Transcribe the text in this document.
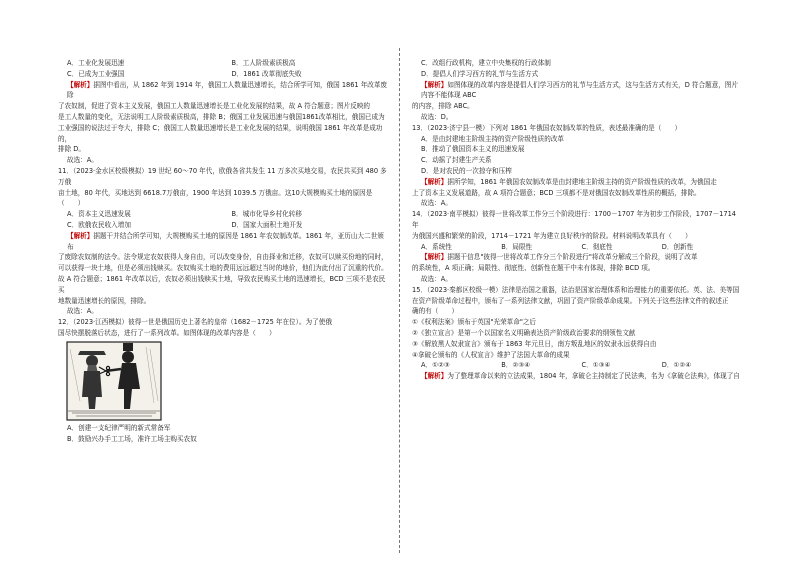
A．工业化发展迅速	B．工人阶级素质极高
C．已成为工业强国	D．1861 改革彻底失败

【解析】据图中看出，从 1862 年到 1914 年，俄国工人数量迅速增长，结合所学可知，俄国 1861 年改革废除

了农奴制，促进了资本主义发展，俄国工人数量迅速增长是工业化发展的结果，故 A 符合题意；图片反映的

是工人数量的变化，无法说明工人阶级素质极高，排除 B；俄国工业发展迅速与俄国1861改革相比，俄国已成为

工业强国的说法过于夸大，排除 C；俄国工人数量迅速增长是工业化发展的结果，说明俄国 1861 年改革是成功的，

排除 D。

故选：A。

11．（2023·金水区校级模拟）19 世纪 60～70 年代，欧俄各省共发生 11 万多次买地交易，农民共买到 480 多万俄

亩土地，80 年代，买地达到 6618.7万俄亩，1900 年达到 1039.5 万俄亩。这10大规模购买土地的原因是（　　）

A．资本主义迅速发展	B．城市化导乡村化转移
C．欧俄农民收入增加	D．国家大面积土地开发

【解析】据题干并结合所学可知，大规模购买土地的原因是 1861 年农奴制改革。1861 年，亚历山大二世颁布

了废除农奴制的法令。法令规定农奴获得人身自由，可以改变身份，自由择业和迁移，农奴可以赎买份地的同时，

可以获得一块土地，但是必须出钱赎买。农奴购买土地的费用远远超过当时的地价，他们为此付出了沉重的代价。

故 A 符合题意；1861 年改革以后，农奴必须出钱赎买土地，导致农民购买土地的迅速增长，BCD 三项不是农民买

地数量迅速增长的原因，排除。

故选：A。

12．（2023·江西模拟）彼得一世是俄国历史上著名的皇帝（1682－1725 年在位）。为了使俄

国尽快摆脱落后状态，进行了一系列改革。如图体现的改革内容是（　　）

A．创建一支纪律严明的新式常备军

B．鼓励兴办手工工场，准许工场主购买农奴

C．改组行政机构，建立中央集权的行政体制

D．提倡人们学习西方的礼节与生活方式

【解析】如图体现的改革内容是提倡人们学习西方的礼节与生活方式，这与生活方式有关，D 符合题意，图片内容不能体现 ABC

的内容，排除 ABC。

故选：D。

13．（2023·济宁县一模）下列对 1861 年俄国农奴制改革的性质，表述最准确的是（　　）

A．是由封建地主阶级主持的资产阶级性质的改革

B．推动了俄国资本主义的迅速发展

C．动摇了封建生产关系

D．是对农民的一次掠夺和压榨

【解析】据所学知，1861 年俄国农奴制改革是由封建地主阶级主持的资产阶级性质的改革，为俄国走

上了资本主义发展道路，故 A 项符合题意；BCD 三项都不是对俄国农奴制改革性质的概括，排除。

故选：A。

14．（2023·南平模拟）彼得一世将改革工作分三个阶段进行：1700－1707 年为初步工作阶段，1707－1714 年

为俄国兴盛和繁荣的阶段，1714－1721 年为建立良好秩序的阶段。材料说明改革具有（　　）

A．系统性	B．局限性	C．彻底性	D．创新性

【解析】据题干信息"彼得一世将改革工作分三个阶段进行"将改革分解成三个阶段，说明了改革

的系统性，A 项正确；局限性、彻底性、创新性在题干中未有体现，排除 BCD 项。

故选：A。

15．（2023·秦都区校级一模）法律是治国之重器，法治是国家治理体系和治理能力的重要依托。英、法、美等国

在资产阶级革命过程中，颁布了一系列法律文献，巩固了资产阶级革命成果。下列关于这些法律文件的叙述正

确的有（　　）

①《权利法案》颁布于英国"光荣革命"之后

②《独立宣言》是第一个以国家名义明确表达资产阶级政治要求的纲领性文献

③《解放黑人奴隶宣言》颁布于 1863 年元旦日，南方叛乱地区的奴隶永远获得自由

④拿破仑颁布的《人权宣言》维护了法国大革命的成果

A．①②③	B．②③④	C．①③④	D．①②④

【解析】为了整理革命以来的立法成果，1804 年，拿破仑主持制定了民法典，名为《拿破仑法典》，体现了自
